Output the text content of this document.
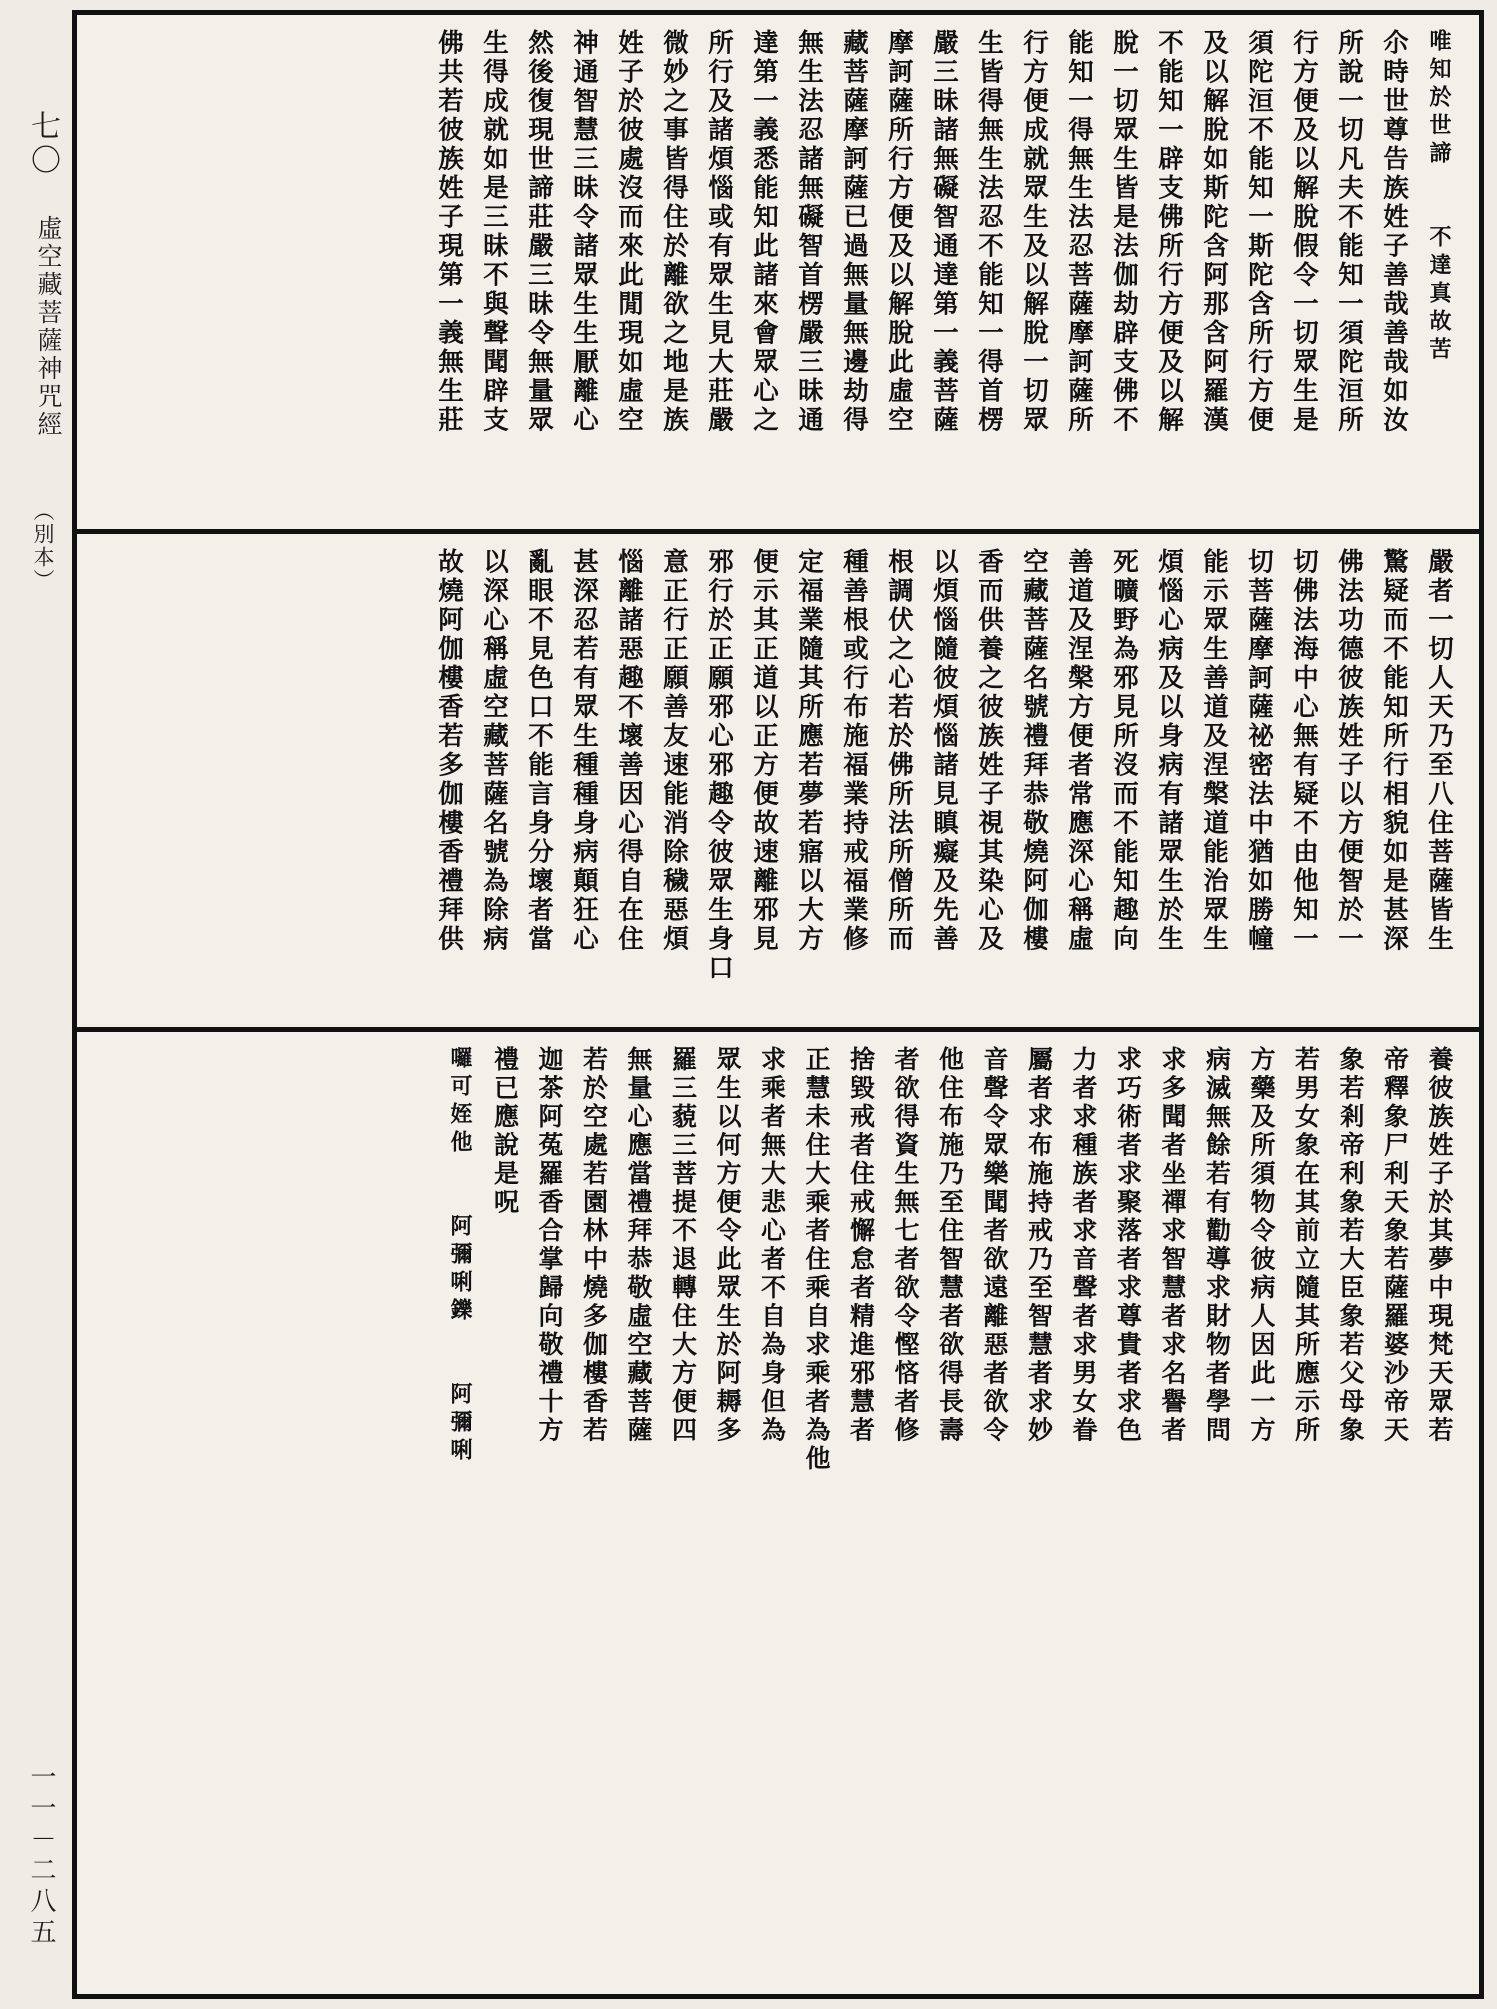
七〇
虛空藏菩薩神咒經
（別本）
一一－二八五
唯知於世諦　　不達真故苦
尒時世尊告族姓子善哉善哉如汝
所說一切凡夫不能知一須陀洹所
行方便及以解脫假令一切眾生是
須陀洹不能知一斯陀含所行方便
及以解脫如斯陀含阿那含阿羅漢
不能知一辟支佛所行方便及以解
脫一切眾生皆是法伽劫辟支佛不
能知一得無生法忍菩薩摩訶薩所
行方便成就眾生及以解脫一切眾
生皆得無生法忍不能知一得首楞
嚴三昧諸無礙智通達第一義菩薩
摩訶薩所行方便及以解脫此虛空
藏菩薩摩訶薩已過無量無邊劫得
無生法忍諸無礙智首楞嚴三昧通
達第一義悉能知此諸來會眾心之
所行及諸煩惱或有眾生見大莊嚴
微妙之事皆得住於離欲之地是族
姓子於彼處沒而來此閒現如虛空
神通智慧三昧令諸眾生生厭離心
然後復現世諦莊嚴三昧令無量眾
生得成就如是三昧不與聲聞辟支
佛共若彼族姓子現第一義無生莊
嚴者一切人天乃至八住菩薩皆生
驚疑而不能知所行相貌如是甚深
佛法功德彼族姓子以方便智於一
切佛法海中心無有疑不由他知一
切菩薩摩訶薩祕密法中猶如勝幢
能示眾生善道及涅槃道能治眾生
煩惱心病及以身病有諸眾生於生
死曠野為邪見所沒而不能知趣向
善道及涅槃方便者常應深心稱虛
空藏菩薩名號禮拜恭敬燒阿伽樓
香而供養之彼族姓子視其染心及
以煩惱隨彼煩惱諸見瞋癡及先善
根調伏之心若於佛所法所僧所而
種善根或行布施福業持戒福業修
定福業隨其所應若夢若寤以大方
便示其正道以正方便故速離邪見
邪行於正願邪心邪趣令彼眾生身口
意正行正願善友速能消除穢惡煩
惱離諸惡趣不壞善因心得自在住
甚深忍若有眾生種種身病顛狂心
亂眼不見色口不能言身分壞者當
以深心稱虛空藏菩薩名號為除病
故燒阿伽樓香若多伽樓香禮拜供
養彼族姓子於其夢中現梵天眾若
帝釋象尸利天象若薩羅婆沙帝天
象若剎帝利象若大臣象若父母象
若男女象在其前立隨其所應示所
方藥及所須物令彼病人因此一方
病滅無餘若有勸導求財物者學問
求多聞者坐禪求智慧者求名譽者
求巧術者求聚落者求尊貴者求色
力者求種族者求音聲者求男女眷
屬者求布施持戒乃至智慧者求妙
音聲令眾樂聞者欲遠離惡者欲令
他住布施乃至住智慧者欲得長壽
者欲得資生無七者欲令慳悋者修
捨毀戒者住戒懈怠者精進邪慧者
正慧未住大乘者住乘自求乘者為他
求乘者無大悲心者不自為身但為
眾生以何方便令此眾生於阿耨多
羅三藐三菩提不退轉住大方便四
無量心應當禮拜恭敬虛空藏菩薩
若於空處若園林中燒多伽樓香若
迦茶阿菟羅香合掌歸向敬禮十方
禮已應說是呪
囉可姪他　　阿彌唎鑠　　阿彌唎
